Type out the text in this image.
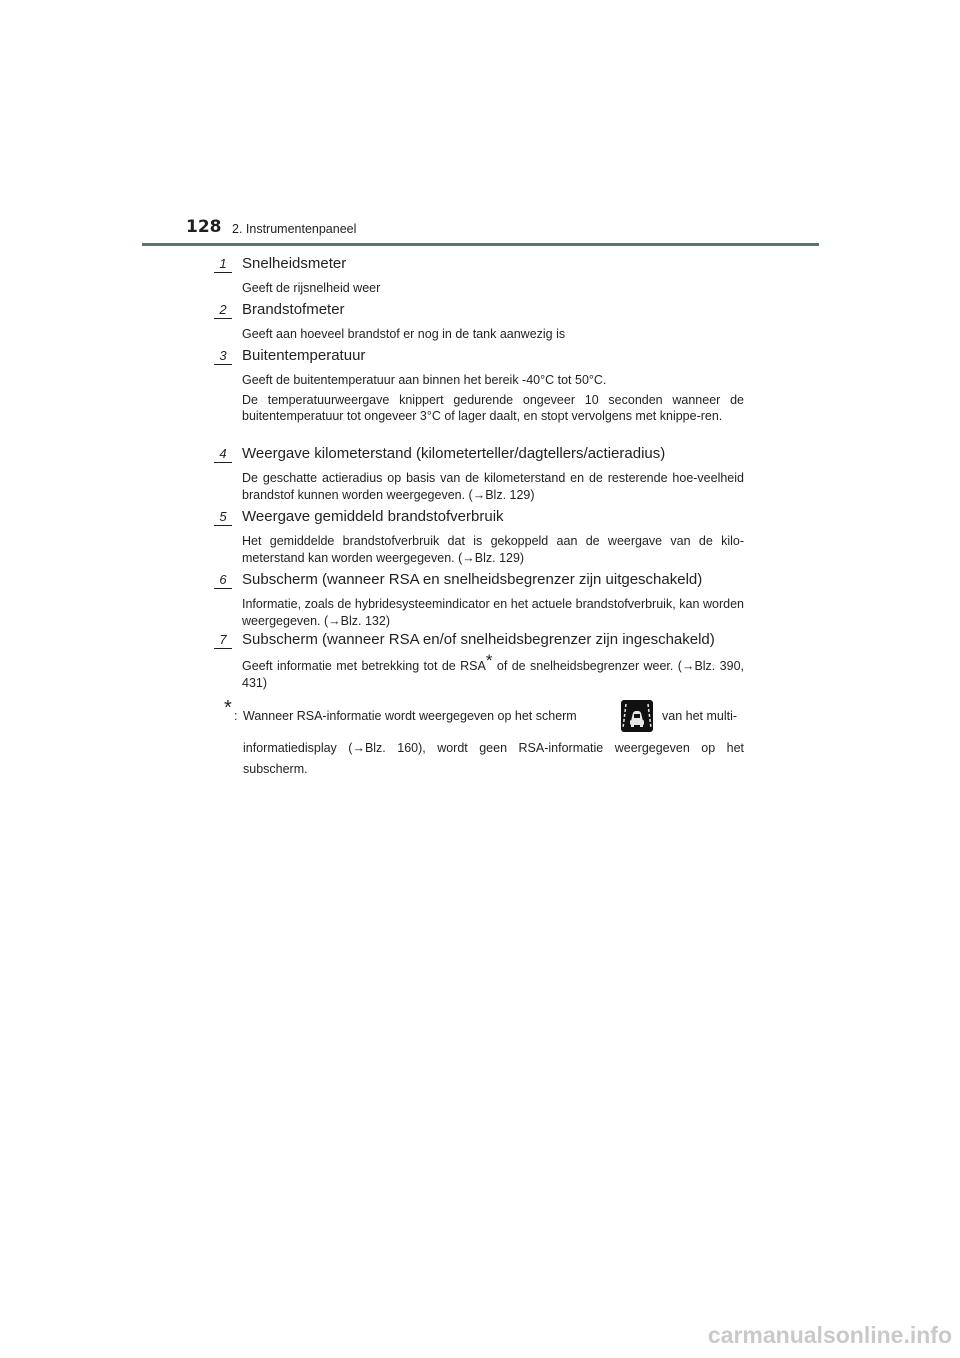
128 2. Instrumentenpaneel
1	Snelheidsmeter

Geeft de rijsnelheid weer

2	Brandstofmeter

Geeft aan hoeveel brandstof er nog in de tank aanwezig is

3	Buitentemperatuur

Geeft de buitentemperatuur aan binnen het bereik -40°C tot 50°C.

De temperatuurweergave knippert gedurende ongeveer 10 seconden wanneer de buitentemperatuur tot ongeveer 3°C of lager daalt, en stopt vervolgens met knippe-ren.

4	Weergave kilometerstand (kilometerteller/dagtellers/actieradius)

De geschatte actieradius op basis van de kilometerstand en de resterende hoe-veelheid brandstof kunnen worden weergegeven. (→Blz. 129)

5	Weergave gemiddeld brandstofverbruik

Het gemiddelde brandstofverbruik dat is gekoppeld aan de weergave van de kilo-meterstand kan worden weergegeven. (→Blz. 129)

6	Subscherm (wanneer RSA en snelheidsbegrenzer zijn uitgeschakeld)

Informatie, zoals de hybridesysteemindicator en het actuele brandstofverbruik, kan worden weergegeven. (→Blz. 132)

7	Subscherm (wanneer RSA en/of snelheidsbegrenzer zijn ingeschakeld)

Geeft informatie met betrekking tot de RSA* of de snelheidsbegrenzer weer. (→Blz. 390, 431)

* : Wanneer RSA-informatie wordt weergegeven op het scherm	van het multi-
informatiedisplay (→Blz. 160), wordt geen RSA-informatie weergegeven op het
subscherm.
carmanualsonline.info
